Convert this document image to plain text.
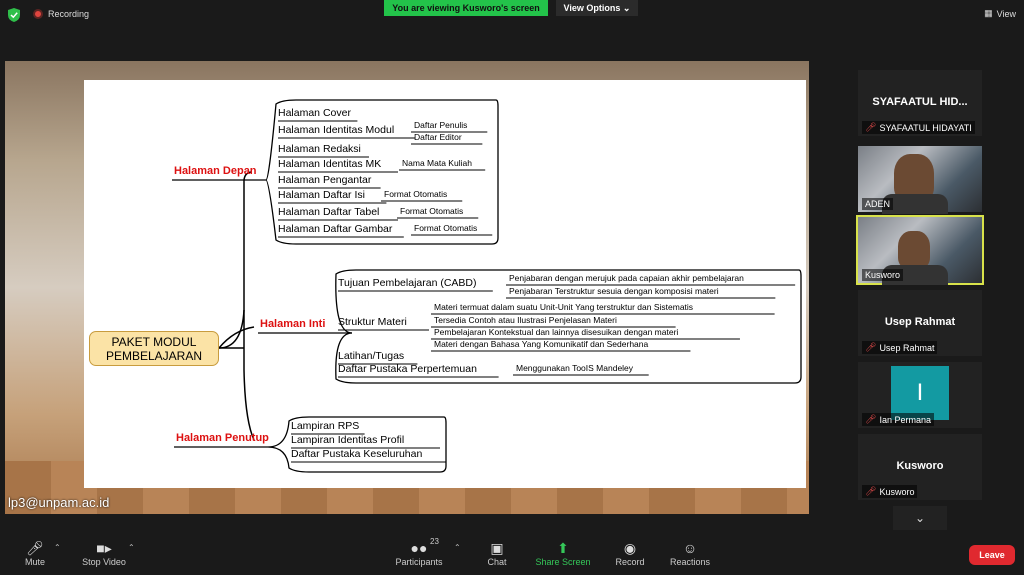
Recording
You are viewing Kusworo's screen	View Options ⌄	▦ View
PAKET MODUL
PEMBELAJARAN
Halaman Depan
Halaman Cover
Halaman Identitas Modul Daftar Penulis
Daftar Editor
Halaman Redaksi
Halaman Identitas MK Nama Mata Kuliah
Halaman Pengantar
Halaman Daftar Isi Format Otomatis
Halaman Daftar Tabel Format Otomatis
Halaman Daftar Gambar	Format Otomatis
Halaman Inti
Tujuan Pembelajaran (CABD)	Penjabaran dengan merujuk pada capaian akhir pembelajaran
Penjabaran Terstruktur sesuia dengan komposisi materi
Struktur Materi
Materi termuat dalam suatu Unit-Unit Yang terstruktur dan Sistematis
Tersedia Contoh atau Ilustrasi Penjelasan Materi
Pembelajaran Kontekstual dan lainnya disesuikan dengan materi
Materi dengan Bahasa Yang Komunikatif dan Sederhana
Latihan/Tugas
Daftar Pustaka Perpertemuan	Menggunakan TooIS Mandeley
Halaman Penutup
Lampiran RPS
Lampiran Identitas Profil
Daftar Pustaka Keseluruhan
lp3@unpam.ac.id
SYAFAATUL HID...
🎤︎ SYAFAATUL HIDAYATI
ADEN
Kusworo
Usep Rahmat
🎤︎ Usep Rahmat
I
🎤︎ Ian Permana
Kusworo
🎤︎ Kusworo
⌄
🎤︎
Mute
⌃	■▸
Stop Video
⌃	●● 23
Participants
⌃	▣
Chat
⬆
Share Screen
◉
Record
☺
Reactions
Leave
